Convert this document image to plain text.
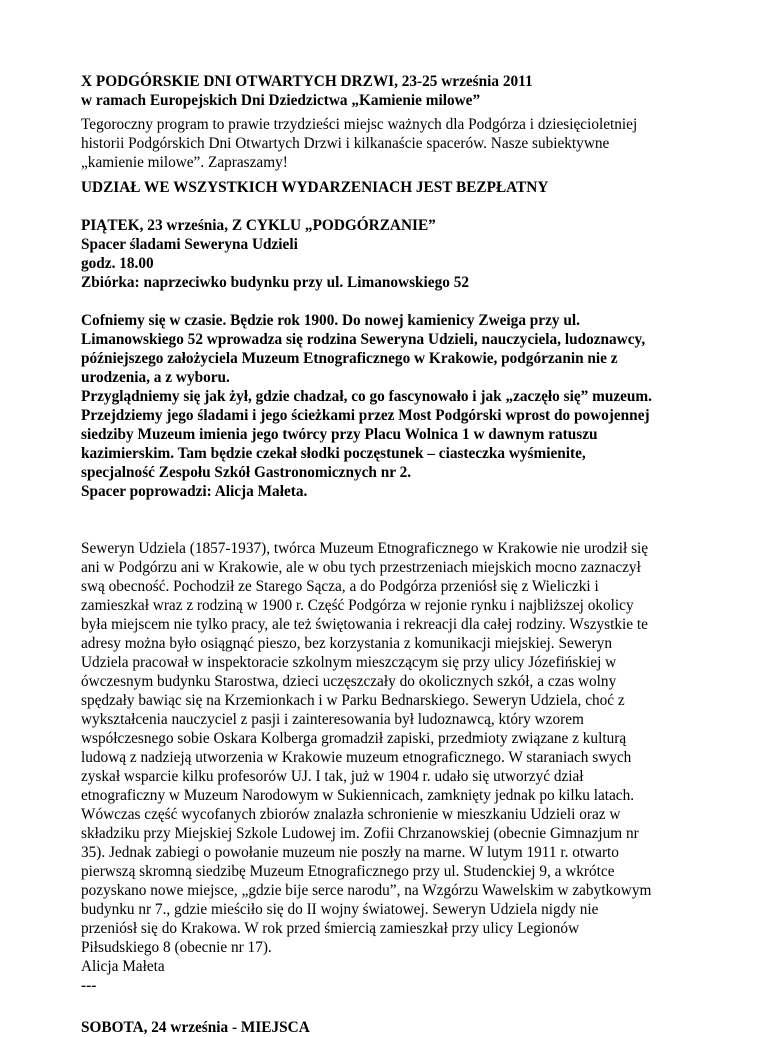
X PODGÓRSKIE DNI OTWARTYCH DRZWI, 23-25 września 2011
w ramach Europejskich Dni Dziedzictwa „Kamienie milowe”
Tegoroczny program to prawie trzydzieści miejsc ważnych dla Podgórza i dziesięcioletniej
historii Podgórskich Dni Otwartych Drzwi i kilkanaście spacerów. Nasze subiektywne
„kamienie milowe”. Zapraszamy!
UDZIAŁ WE WSZYSTKICH WYDARZENIACH JEST BEZPŁATNY
PIĄTEK, 23 września, Z CYKLU „PODGÓRZANIE”
Spacer śladami Seweryna Udzieli
godz. 18.00
Zbiórka: naprzeciwko budynku przy ul. Limanowskiego 52
Cofniemy się w czasie. Będzie rok 1900. Do nowej kamienicy Zweiga przy ul.
Limanowskiego 52 wprowadza się rodzina Seweryna Udzieli, nauczyciela, ludoznawcy,
późniejszego założyciela Muzeum Etnograficznego w Krakowie, podgórzanin nie z
urodzenia, a z wyboru.
Przyglądniemy się jak żył, gdzie chadzał, co go fascynowało i jak „zaczęło się” muzeum.
Przejdziemy jego śladami i jego ścieżkami przez Most Podgórski wprost do powojennej
siedziby Muzeum imienia jego twórcy przy Placu Wolnica 1 w dawnym ratuszu
kazimierskim. Tam będzie czekał słodki poczęstunek – ciasteczka wyśmienite,
specjalność Zespołu Szkół Gastronomicznych nr 2.
Spacer poprowadzi: Alicja Małeta.
Seweryn Udziela (1857-1937), twórca Muzeum Etnograficznego w Krakowie nie urodził się
ani w Podgórzu ani w Krakowie, ale w obu tych przestrzeniach miejskich mocno zaznaczył
swą obecność. Pochodził ze Starego Sącza, a do Podgórza przeniósł się z Wieliczki i
zamieszkał wraz z rodziną w 1900 r. Część Podgórza w rejonie rynku i najbliższej okolicy
była miejscem nie tylko pracy, ale też świętowania i rekreacji dla całej rodziny. Wszystkie te
adresy można było osiągnąć pieszo, bez korzystania z komunikacji miejskiej. Seweryn
Udziela pracował w inspektoracie szkolnym mieszczącym się przy ulicy Józefińskiej w
ówczesnym budynku Starostwa, dzieci uczęszczały do okolicznych szkół, a czas wolny
spędzały bawiąc się na Krzemionkach i w Parku Bednarskiego. Seweryn Udziela, choć z
wykształcenia nauczyciel z pasji i zainteresowania był ludoznawcą, który wzorem
współczesnego sobie Oskara Kolberga gromadził zapiski, przedmioty związane z kulturą
ludową z nadzieją utworzenia w Krakowie muzeum etnograficznego. W staraniach swych
zyskał wsparcie kilku profesorów UJ. I tak, już w 1904 r. udało się utworzyć dział
etnograficzny w Muzeum Narodowym w Sukiennicach, zamknięty jednak po kilku latach.
Wówczas część wycofanych zbiorów znalazła schronienie w mieszkaniu Udzieli oraz w
składziku przy Miejskiej Szkole Ludowej im. Zofii Chrzanowskiej (obecnie Gimnazjum nr
35). Jednak zabiegi o powołanie muzeum nie poszły na marne. W lutym 1911 r. otwarto
pierwszą skromną siedzibę Muzeum Etnograficznego przy ul. Studenckiej 9, a wkrótce
pozyskano nowe miejsce, „gdzie bije serce narodu”, na Wzgórzu Wawelskim w zabytkowym
budynku nr 7., gdzie mieściło się do II wojny światowej. Seweryn Udziela nigdy nie
przeniósł się do Krakowa. W rok przed śmiercią zamieszkał przy ulicy Legionów
Piłsudskiego 8 (obecnie nr 17).
Alicja Małeta
---
SOBOTA, 24 września - MIEJSCA
